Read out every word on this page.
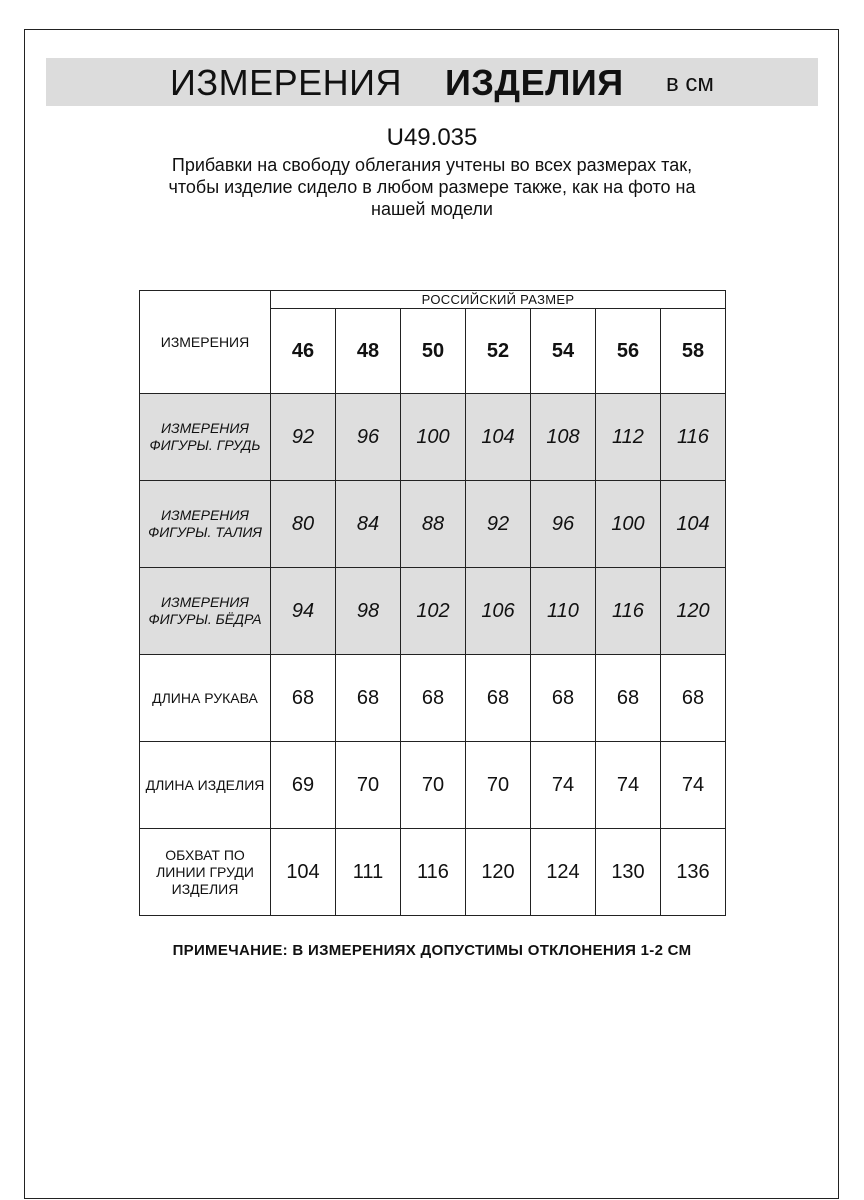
ИЗМЕРЕНИЯ ИЗДЕЛИЯ в см
U49.035
Прибавки на свободу облегания учтены во всех размерах так,
чтобы изделие сидело в любом размере также, как на фото на
нашей модели
ИЗМЕРЕНИЯ	РОССИЙСКИЙ РАЗМЕР						
	46	48	50	52	54	56	58

ИЗМЕРЕНИЯ
ФИГУРЫ. ГРУДЬ	92	96	100	104	108	112	116

ИЗМЕРЕНИЯ
ФИГУРЫ. ТАЛИЯ	80	84	88	92	96	100	104

ИЗМЕРЕНИЯ
ФИГУРЫ. БЁДРА	94	98	102	106	110	116	120

ДЛИНА РУКАВА	68	68	68	68	68	68	68

ДЛИНА ИЗДЕЛИЯ	69	70	70	70	74	74	74

ОБХВАТ ПО
ЛИНИИ ГРУДИ
ИЗДЕЛИЯ	104	111	116	120	124	130	136
ПРИМЕЧАНИЕ: В ИЗМЕРЕНИЯХ ДОПУСТИМЫ ОТКЛОНЕНИЯ 1-2 СМ
